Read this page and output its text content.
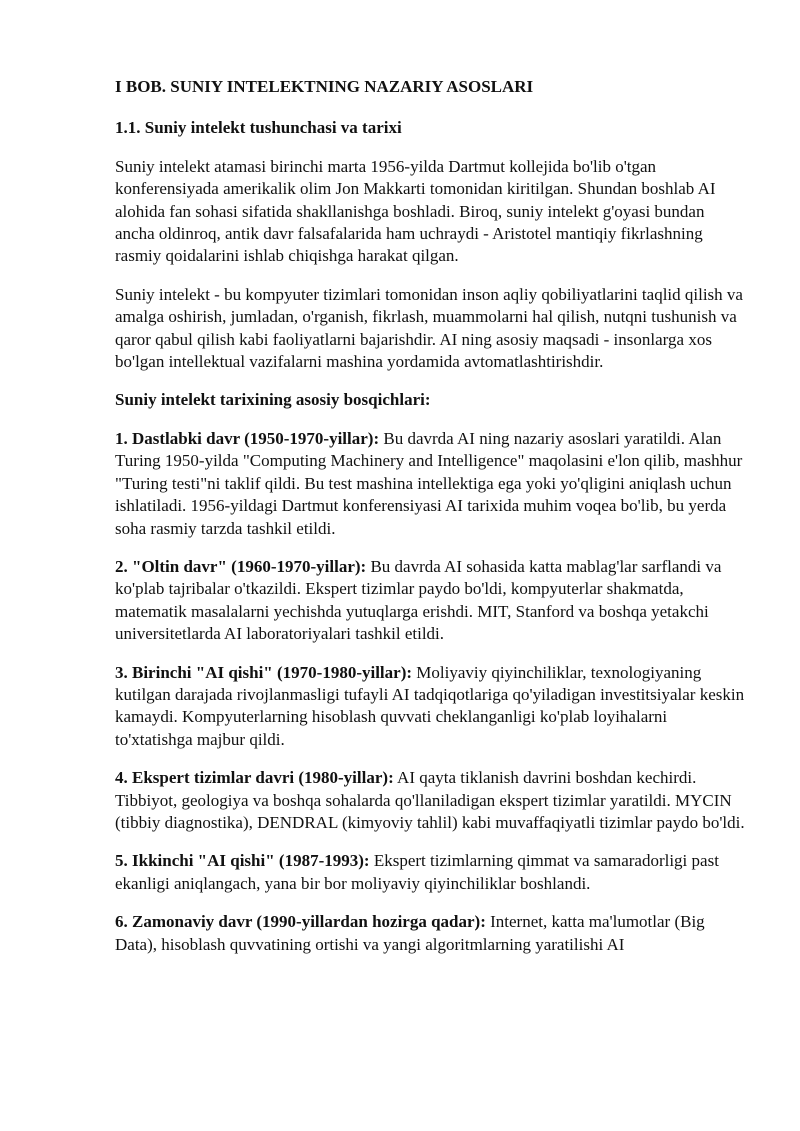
I BOB. SUNIY INTELEKTNING NAZARIY ASOSLARI
1.1. Suniy intelekt tushunchasi va tarixi

Suniy intelekt atamasi birinchi marta 1956-yilda Dartmut kollejida bo'lib o'tgan konferensiyada amerikalik olim Jon Makkarti tomonidan kiritilgan. Shundan boshlab AI alohida fan sohasi sifatida shakllanishga boshladi. Biroq, suniy intelekt g'oyasi bundan ancha oldinroq, antik davr falsafalarida ham uchraydi - Aristotel mantiqiy fikrlashning rasmiy qoidalarini ishlab chiqishga harakat qilgan.

Suniy intelekt - bu kompyuter tizimlari tomonidan inson aqliy qobiliyatlarini taqlid qilish va amalga oshirish, jumladan, o'rganish, fikrlash, muammolarni hal qilish, nutqni tushunish va qaror qabul qilish kabi faoliyatlarni bajarishdir. AI ning asosiy maqsadi - insonlarga xos bo'lgan intellektual vazifalarni mashina yordamida avtomatlashtirishdir.

Suniy intelekt tarixining asosiy bosqichlari:

1. Dastlabki davr (1950-1970-yillar): Bu davrda AI ning nazariy asoslari yaratildi. Alan Turing 1950-yilda "Computing Machinery and Intelligence" maqolasini e'lon qilib, mashhur "Turing testi"ni taklif qildi. Bu test mashina intellektiga ega yoki yo'qligini aniqlash uchun ishlatiladi. 1956-yildagi Dartmut konferensiyasi AI tarixida muhim voqea bo'lib, bu yerda soha rasmiy tarzda tashkil etildi.

2. "Oltin davr" (1960-1970-yillar): Bu davrda AI sohasida katta mablag'lar sarflandi va ko'plab tajribalar o'tkazildi. Ekspert tizimlar paydo bo'ldi, kompyuterlar shakmatda, matematik masalalarni yechishda yutuqlarga erishdi. MIT, Stanford va boshqa yetakchi universitetlarda AI laboratoriyalari tashkil etildi.

3. Birinchi "AI qishi" (1970-1980-yillar): Moliyaviy qiyinchiliklar, texnologiyaning kutilgan darajada rivojlanmasligi tufayli AI tadqiqotlariga qo'yiladigan investitsiyalar keskin kamaydi. Kompyuterlarning hisoblash quvvati cheklanganligi ko'plab loyihalarni to'xtatishga majbur qildi.

4. Ekspert tizimlar davri (1980-yillar): AI qayta tiklanish davrini boshdan kechirdi. Tibbiyot, geologiya va boshqa sohalarda qo'llaniladigan ekspert tizimlar yaratildi. MYCIN (tibbiy diagnostika), DENDRAL (kimyoviy tahlil) kabi muvaffaqiyatli tizimlar paydo bo'ldi.

5. Ikkinchi "AI qishi" (1987-1993): Ekspert tizimlarning qimmat va samaradorligi past ekanligi aniqlangach, yana bir bor moliyaviy qiyinchiliklar boshlandi.

6. Zamonaviy davr (1990-yillardan hozirga qadar): Internet, katta ma'lumotlar (Big Data), hisoblash quvvatining ortishi va yangi algoritmlarning yaratilishi AI
